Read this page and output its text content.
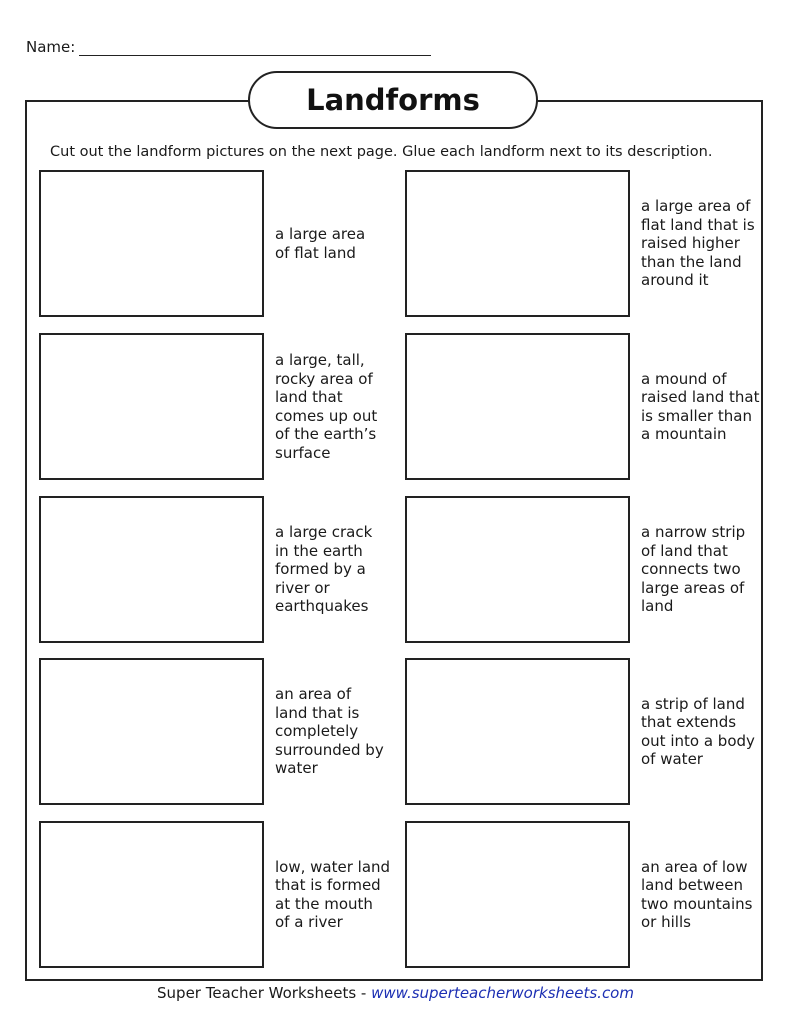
Name:
Landforms
Cut out the landform pictures on the next page. Glue each landform next to its description.
a large area
of flat land
a large, tall,
rocky area of
land that
comes up out
of the earth’s
surface
a large crack
in the earth
formed by a
river or
earthquakes
an area of
land that is
completely
surrounded by
water
low, water land
that is formed
at the mouth
of a river
a large area of
flat land that is
raised higher
than the land
around it
a mound of
raised land that
is smaller than
a mountain
a narrow strip
of land that
connects two
large areas of
land
a strip of land
that extends
out into a body
of water
an area of low
land between
two mountains
or hills
Super Teacher Worksheets - www.superteacherworksheets.com
